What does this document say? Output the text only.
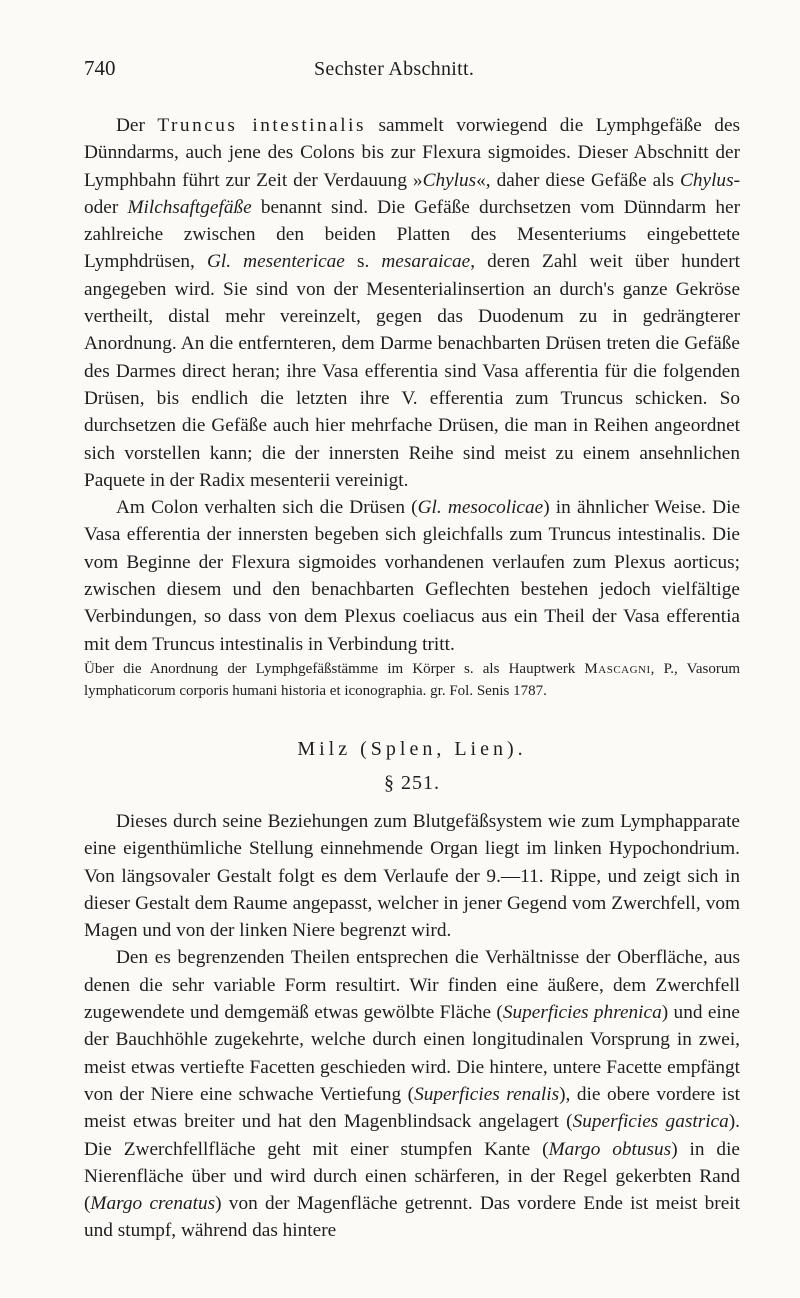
740	Sechster Abschnitt.

Der Truncus intestinalis sammelt vorwiegend die Lymphgefäße des Dünndarms, auch jene des Colons bis zur Flexura sigmoides. Dieser Abschnitt der Lymphbahn führt zur Zeit der Verdauung »Chylus«, daher diese Gefäße als Chylus- oder Milchsaftgefäße benannt sind. Die Gefäße durchsetzen vom Dünndarm her zahlreiche zwischen den beiden Platten des Mesenteriums eingebettete Lymphdrüsen, Gl. mesentericae s. mesaraicae, deren Zahl weit über hundert angegeben wird. Sie sind von der Mesenterialinsertion an durch's ganze Gekröse vertheilt, distal mehr vereinzelt, gegen das Duodenum zu in gedrängterer Anordnung. An die entfernteren, dem Darme benachbarten Drüsen treten die Gefäße des Darmes direct heran; ihre Vasa efferentia sind Vasa afferentia für die folgenden Drüsen, bis endlich die letzten ihre V. efferentia zum Truncus schicken. So durchsetzen die Gefäße auch hier mehrfache Drüsen, die man in Reihen angeordnet sich vorstellen kann; die der innersten Reihe sind meist zu einem ansehnlichen Paquete in der Radix mesenterii vereinigt.

Am Colon verhalten sich die Drüsen (Gl. mesocolicae) in ähnlicher Weise. Die Vasa efferentia der innersten begeben sich gleichfalls zum Truncus intestinalis. Die vom Beginne der Flexura sigmoides vorhandenen verlaufen zum Plexus aorticus; zwischen diesem und den benachbarten Geflechten bestehen jedoch vielfältige Verbindungen, so dass von dem Plexus coeliacus aus ein Theil der Vasa efferentia mit dem Truncus intestinalis in Verbindung tritt.

Über die Anordnung der Lymphgefäßstämme im Körper s. als Hauptwerk Mascagni, P., Vasorum lymphaticorum corporis humani historia et iconographia. gr. Fol. Senis 1787.

Milz (Splen, Lien).
§ 251.

Dieses durch seine Beziehungen zum Blutgefäßsystem wie zum Lymphapparate eine eigenthümliche Stellung einnehmende Organ liegt im linken Hypochondrium. Von längsovaler Gestalt folgt es dem Verlaufe der 9.—11. Rippe, und zeigt sich in dieser Gestalt dem Raume angepasst, welcher in jener Gegend vom Zwerchfell, vom Magen und von der linken Niere begrenzt wird.

Den es begrenzenden Theilen entsprechen die Verhältnisse der Oberfläche, aus denen die sehr variable Form resultirt. Wir finden eine äußere, dem Zwerchfell zugewendete und demgemäß etwas gewölbte Fläche (Superficies phrenica) und eine der Bauchhöhle zugekehrte, welche durch einen longitudinalen Vorsprung in zwei, meist etwas vertiefte Facetten geschieden wird. Die hintere, untere Facette empfängt von der Niere eine schwache Vertiefung (Superficies renalis), die obere vordere ist meist etwas breiter und hat den Magenblindsack angelagert (Superficies gastrica). Die Zwerchfellfläche geht mit einer stumpfen Kante (Margo obtusus) in die Nierenfläche über und wird durch einen schärferen, in der Regel gekerbten Rand (Margo crenatus) von der Magenfläche getrennt. Das vordere Ende ist meist breit und stumpf, während das hintere
